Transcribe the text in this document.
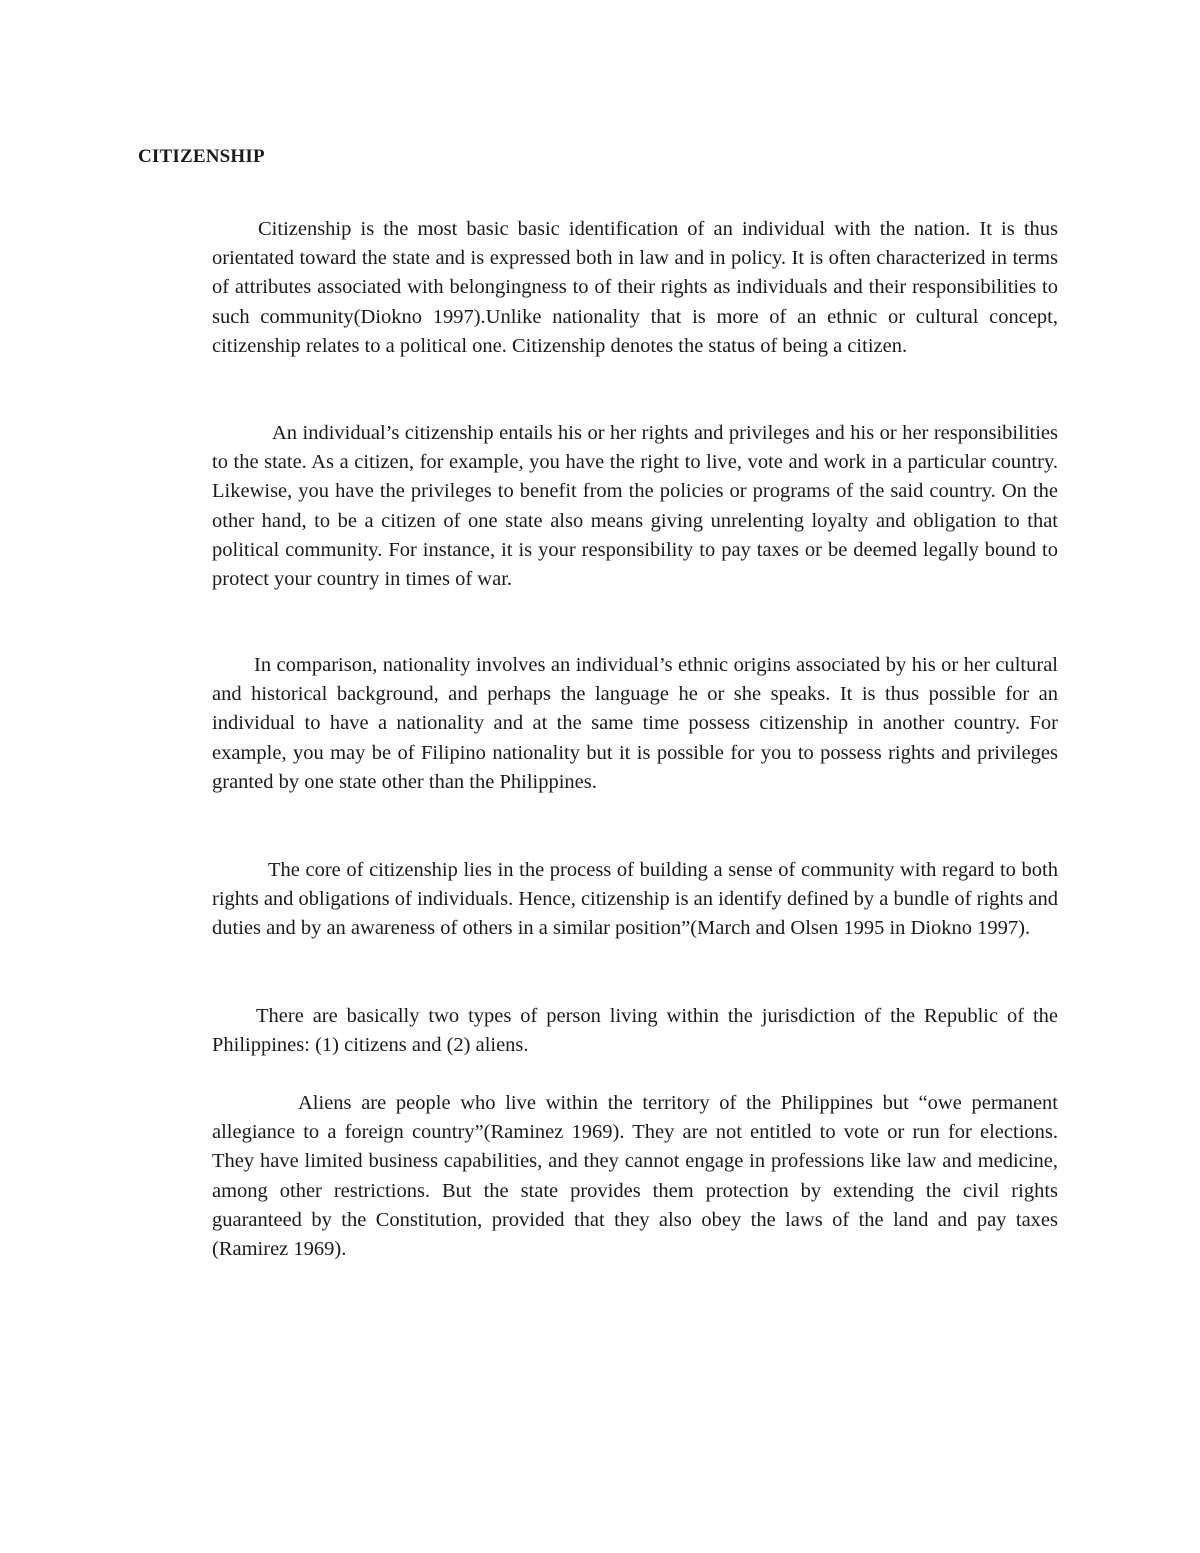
CITIZENSHIP

Citizenship is the most basic basic identification of an individual with the nation. It is thus orientated toward the state and is expressed both in law and in policy. It is often characterized in terms of attributes associated with belongingness to of their rights as individuals and their responsibilities to such community(Diokno 1997).Unlike nationality that is more of an ethnic or cultural concept, citizenship relates to a political one. Citizenship denotes the status of being a citizen.

An individual’s citizenship entails his or her rights and privileges and his or her responsibilities to the state. As a citizen, for example, you have the right to live, vote and work in a particular country. Likewise, you have the privileges to benefit from the policies or programs of the said country. On the other hand, to be a citizen of one state also means giving unrelenting loyalty and obligation to that political community. For instance, it is your responsibility to pay taxes or be deemed legally bound to protect your country in times of war.

In comparison, nationality involves an individual’s ethnic origins associated by his or her cultural and historical background, and perhaps the language he or she speaks. It is thus possible for an individual to have a nationality and at the same time possess citizenship in another country. For example, you may be of Filipino nationality but it is possible for you to possess rights and privileges granted by one state other than the Philippines.

The core of citizenship lies in the process of building a sense of community with regard to both rights and obligations of individuals. Hence, citizenship is an identify defined by a bundle of rights and duties and by an awareness of others in a similar position”(March and Olsen 1995 in Diokno 1997).

There are basically two types of person living within the jurisdiction of the Republic of the Philippines: (1) citizens and (2) aliens.

Aliens are people who live within the territory of the Philippines but “owe permanent allegiance to a foreign country”(Raminez 1969). They are not entitled to vote or run for elections. They have limited business capabilities, and they cannot engage in professions like law and medicine, among other restrictions. But the state provides them protection by extending the civil rights guaranteed by the Constitution, provided that they also obey the laws of the land and pay taxes (Ramirez 1969).
